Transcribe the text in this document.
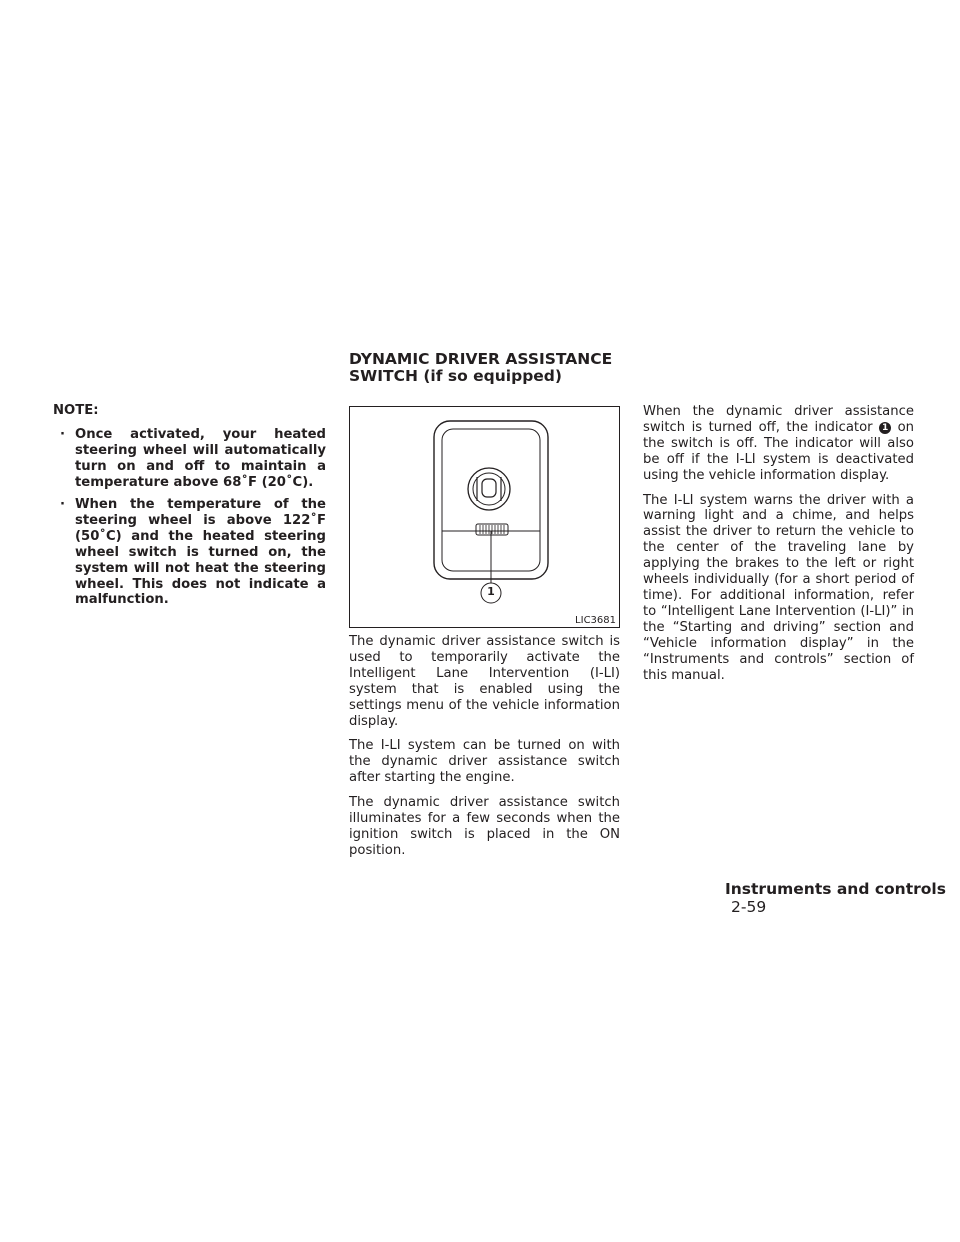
NOTE:
· Once activated, your heated steering wheel will automatically turn on and off to maintain a temperature above 68˚F (20˚C).
· When the temperature of the steering wheel is above 122˚F (50˚C) and the heated steering wheel switch is turned on, the system will not heat the steering wheel. This does not indicate a malfunction.
DYNAMIC DRIVER ASSISTANCE
SWITCH (if so equipped)
1
LIC3681

The dynamic driver assistance switch is used to temporarily activate the Intelligent Lane Intervention (I-LI) system that is enabled using the settings menu of the vehicle information display.

The I-LI system can be turned on with the dynamic driver assistance switch after starting the engine.

The dynamic driver assistance switch illuminates for a few seconds when the ignition switch is placed in the ON position.

When the dynamic driver assistance switch is turned off, the indicator 1 on the switch is off. The indicator will also be off if the I-LI system is deactivated using the vehicle information display.

The I-LI system warns the driver with a warning light and a chime, and helps assist the driver to return the vehicle to the center of the traveling lane by applying the brakes to the left or right wheels individually (for a short period of time). For additional information, refer to “Intelligent Lane Intervention (I-LI)” in the “Starting and driving” section and “Vehicle information display” in the “Instruments and controls” section of this manual.

Instruments and controls 2-59
